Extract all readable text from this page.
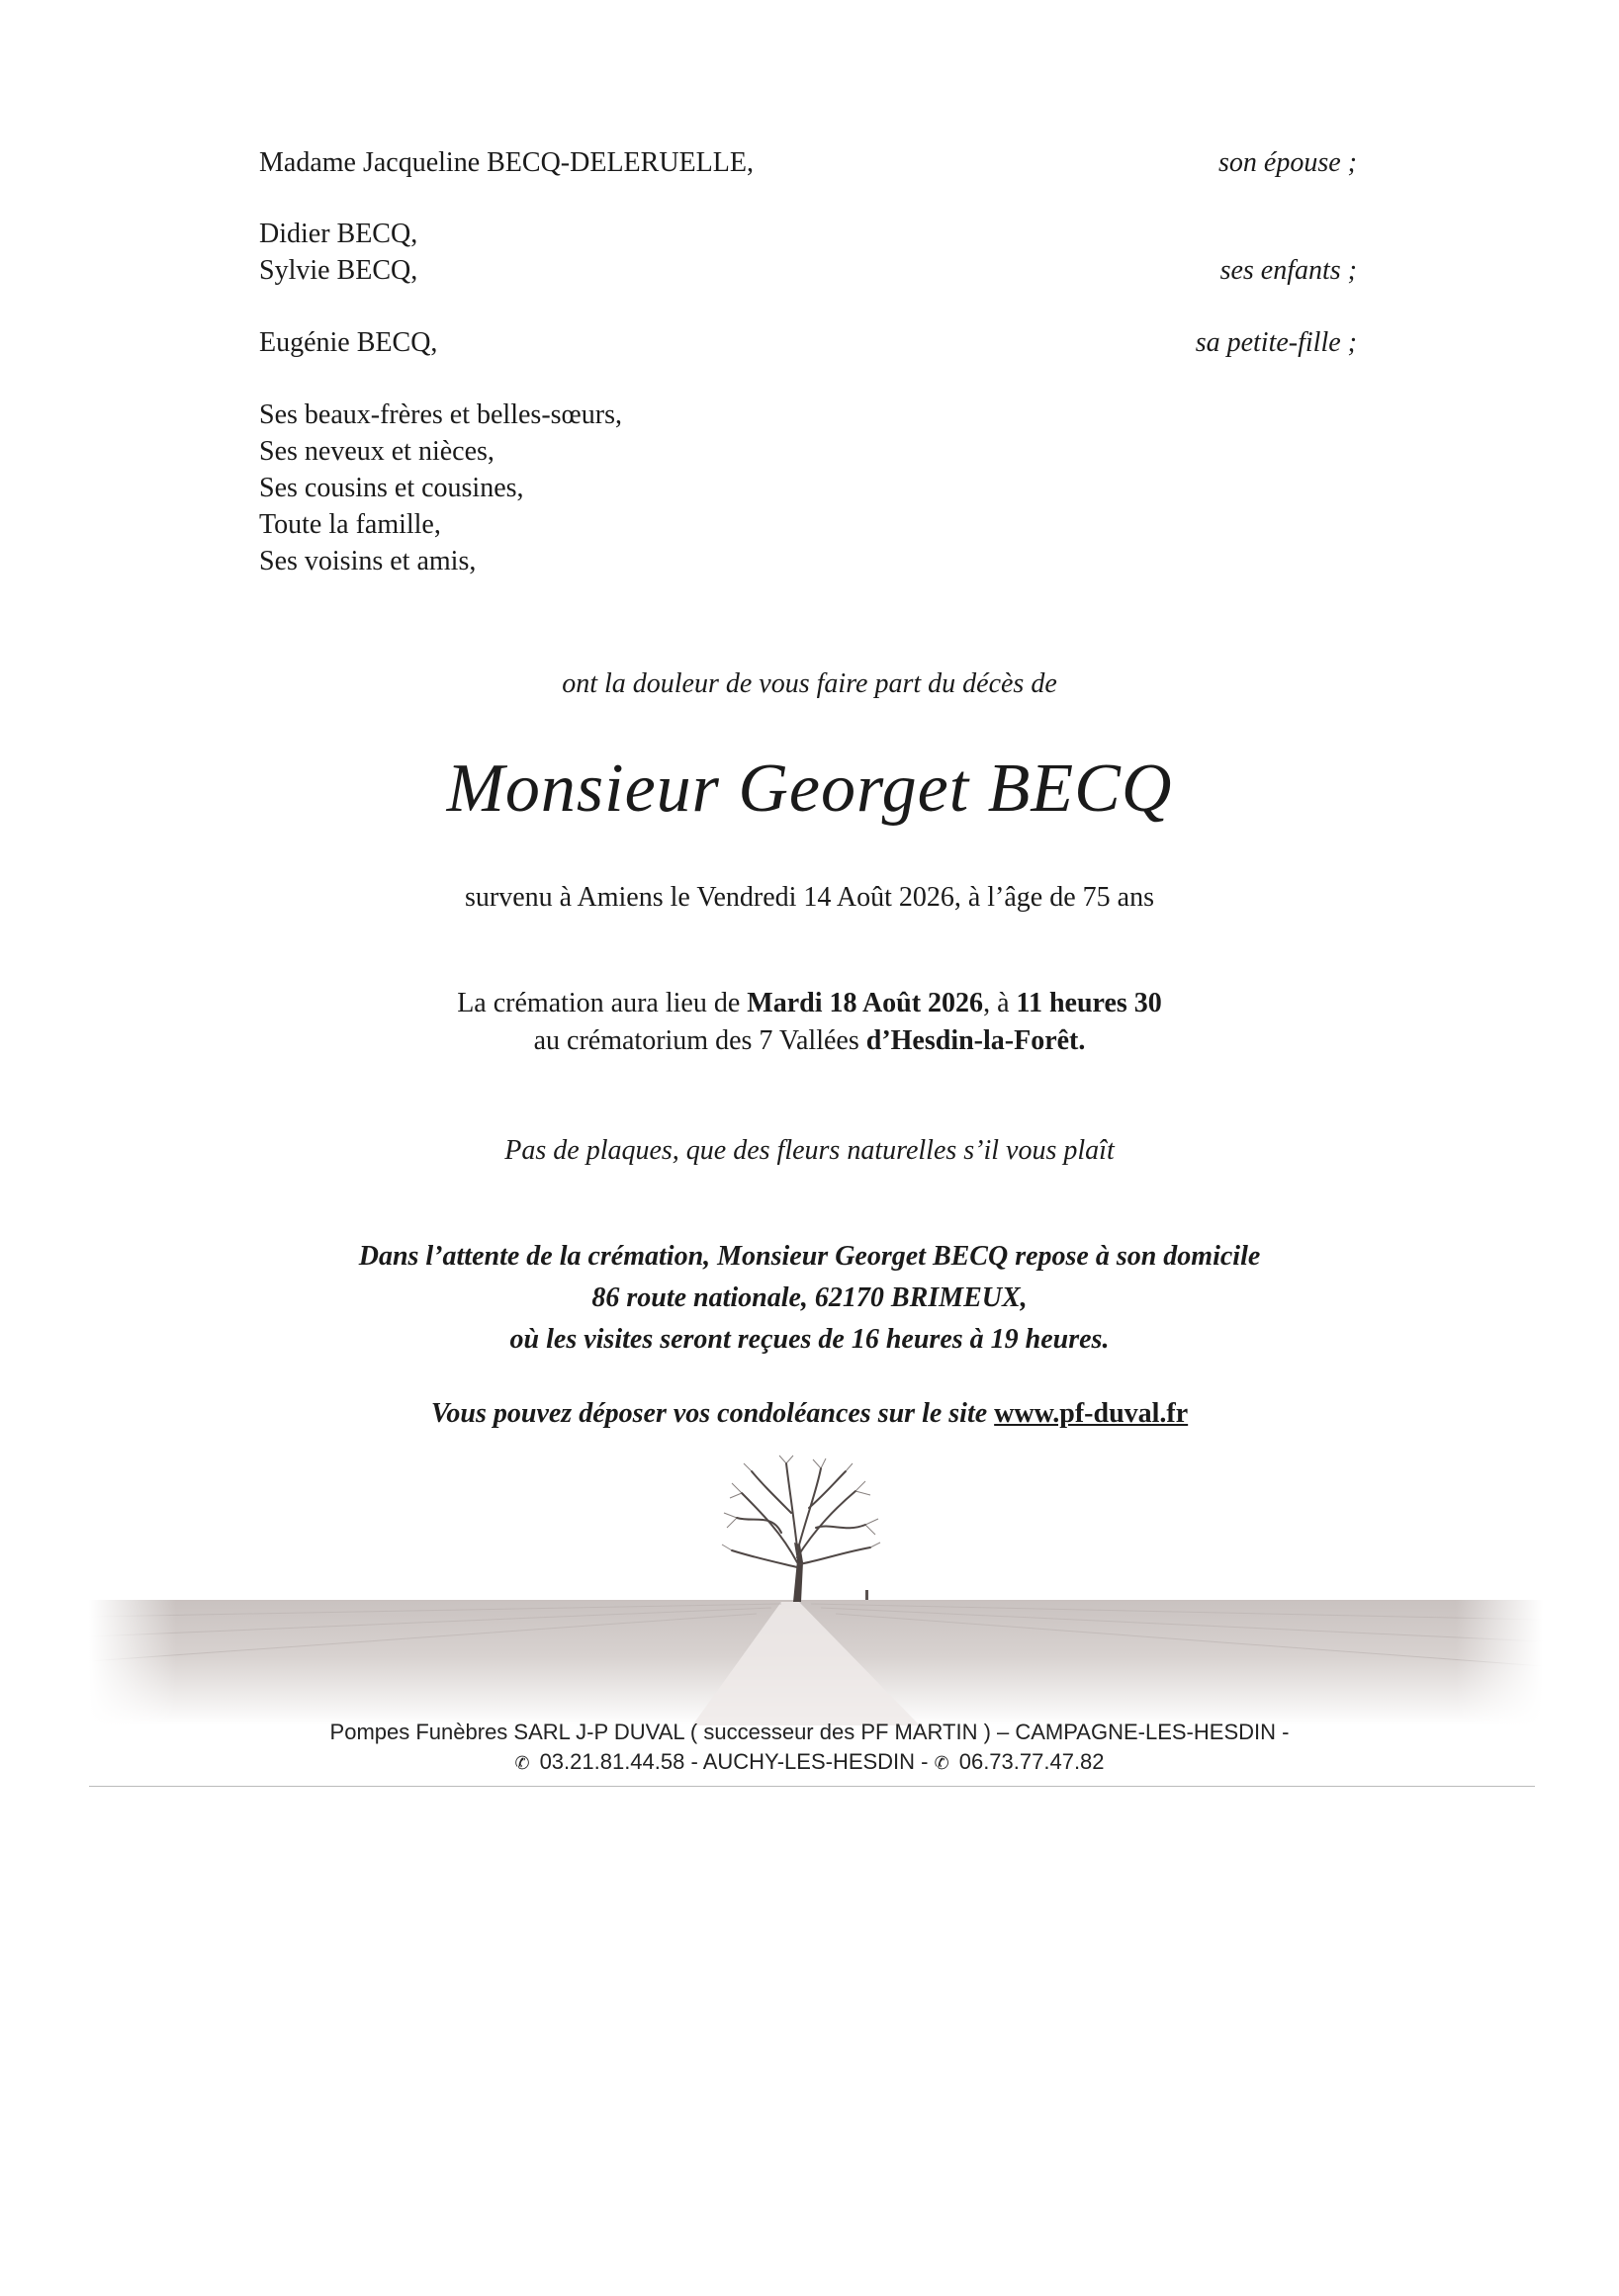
Madame Jacqueline BECQ-DELERUELLE,	son épouse ;
Didier BECQ,
Sylvie BECQ,	ses enfants ;
Eugénie BECQ,	sa petite-fille ;
Ses beaux-frères et belles-sœurs,
Ses neveux et nièces,
Ses cousins et cousines,
Toute la famille,
Ses voisins et amis,
ont la douleur de vous faire part du décès de
Monsieur Georget BECQ
survenu à Amiens le Vendredi 14 Août 2026, à l’âge de 75 ans
La crémation aura lieu de Mardi 18 Août 2026, à 11 heures 30
au crématorium des 7 Vallées d’Hesdin-la-Forêt.
Pas de plaques, que des fleurs naturelles s’il vous plaît
Dans l’attente de la crémation, Monsieur Georget BECQ repose à son domicile
86 route nationale, 62170 BRIMEUX,
où les visites seront reçues de 16 heures à 19 heures.
Vous pouvez déposer vos condoléances sur le site www.pf-duval.fr
Pompes Funèbres SARL J-P DUVAL ( successeur des PF MARTIN ) – CAMPAGNE-LES-HESDIN -
✆ 03.21.81.44.58 - AUCHY-LES-HESDIN - ✆ 06.73.77.47.82
